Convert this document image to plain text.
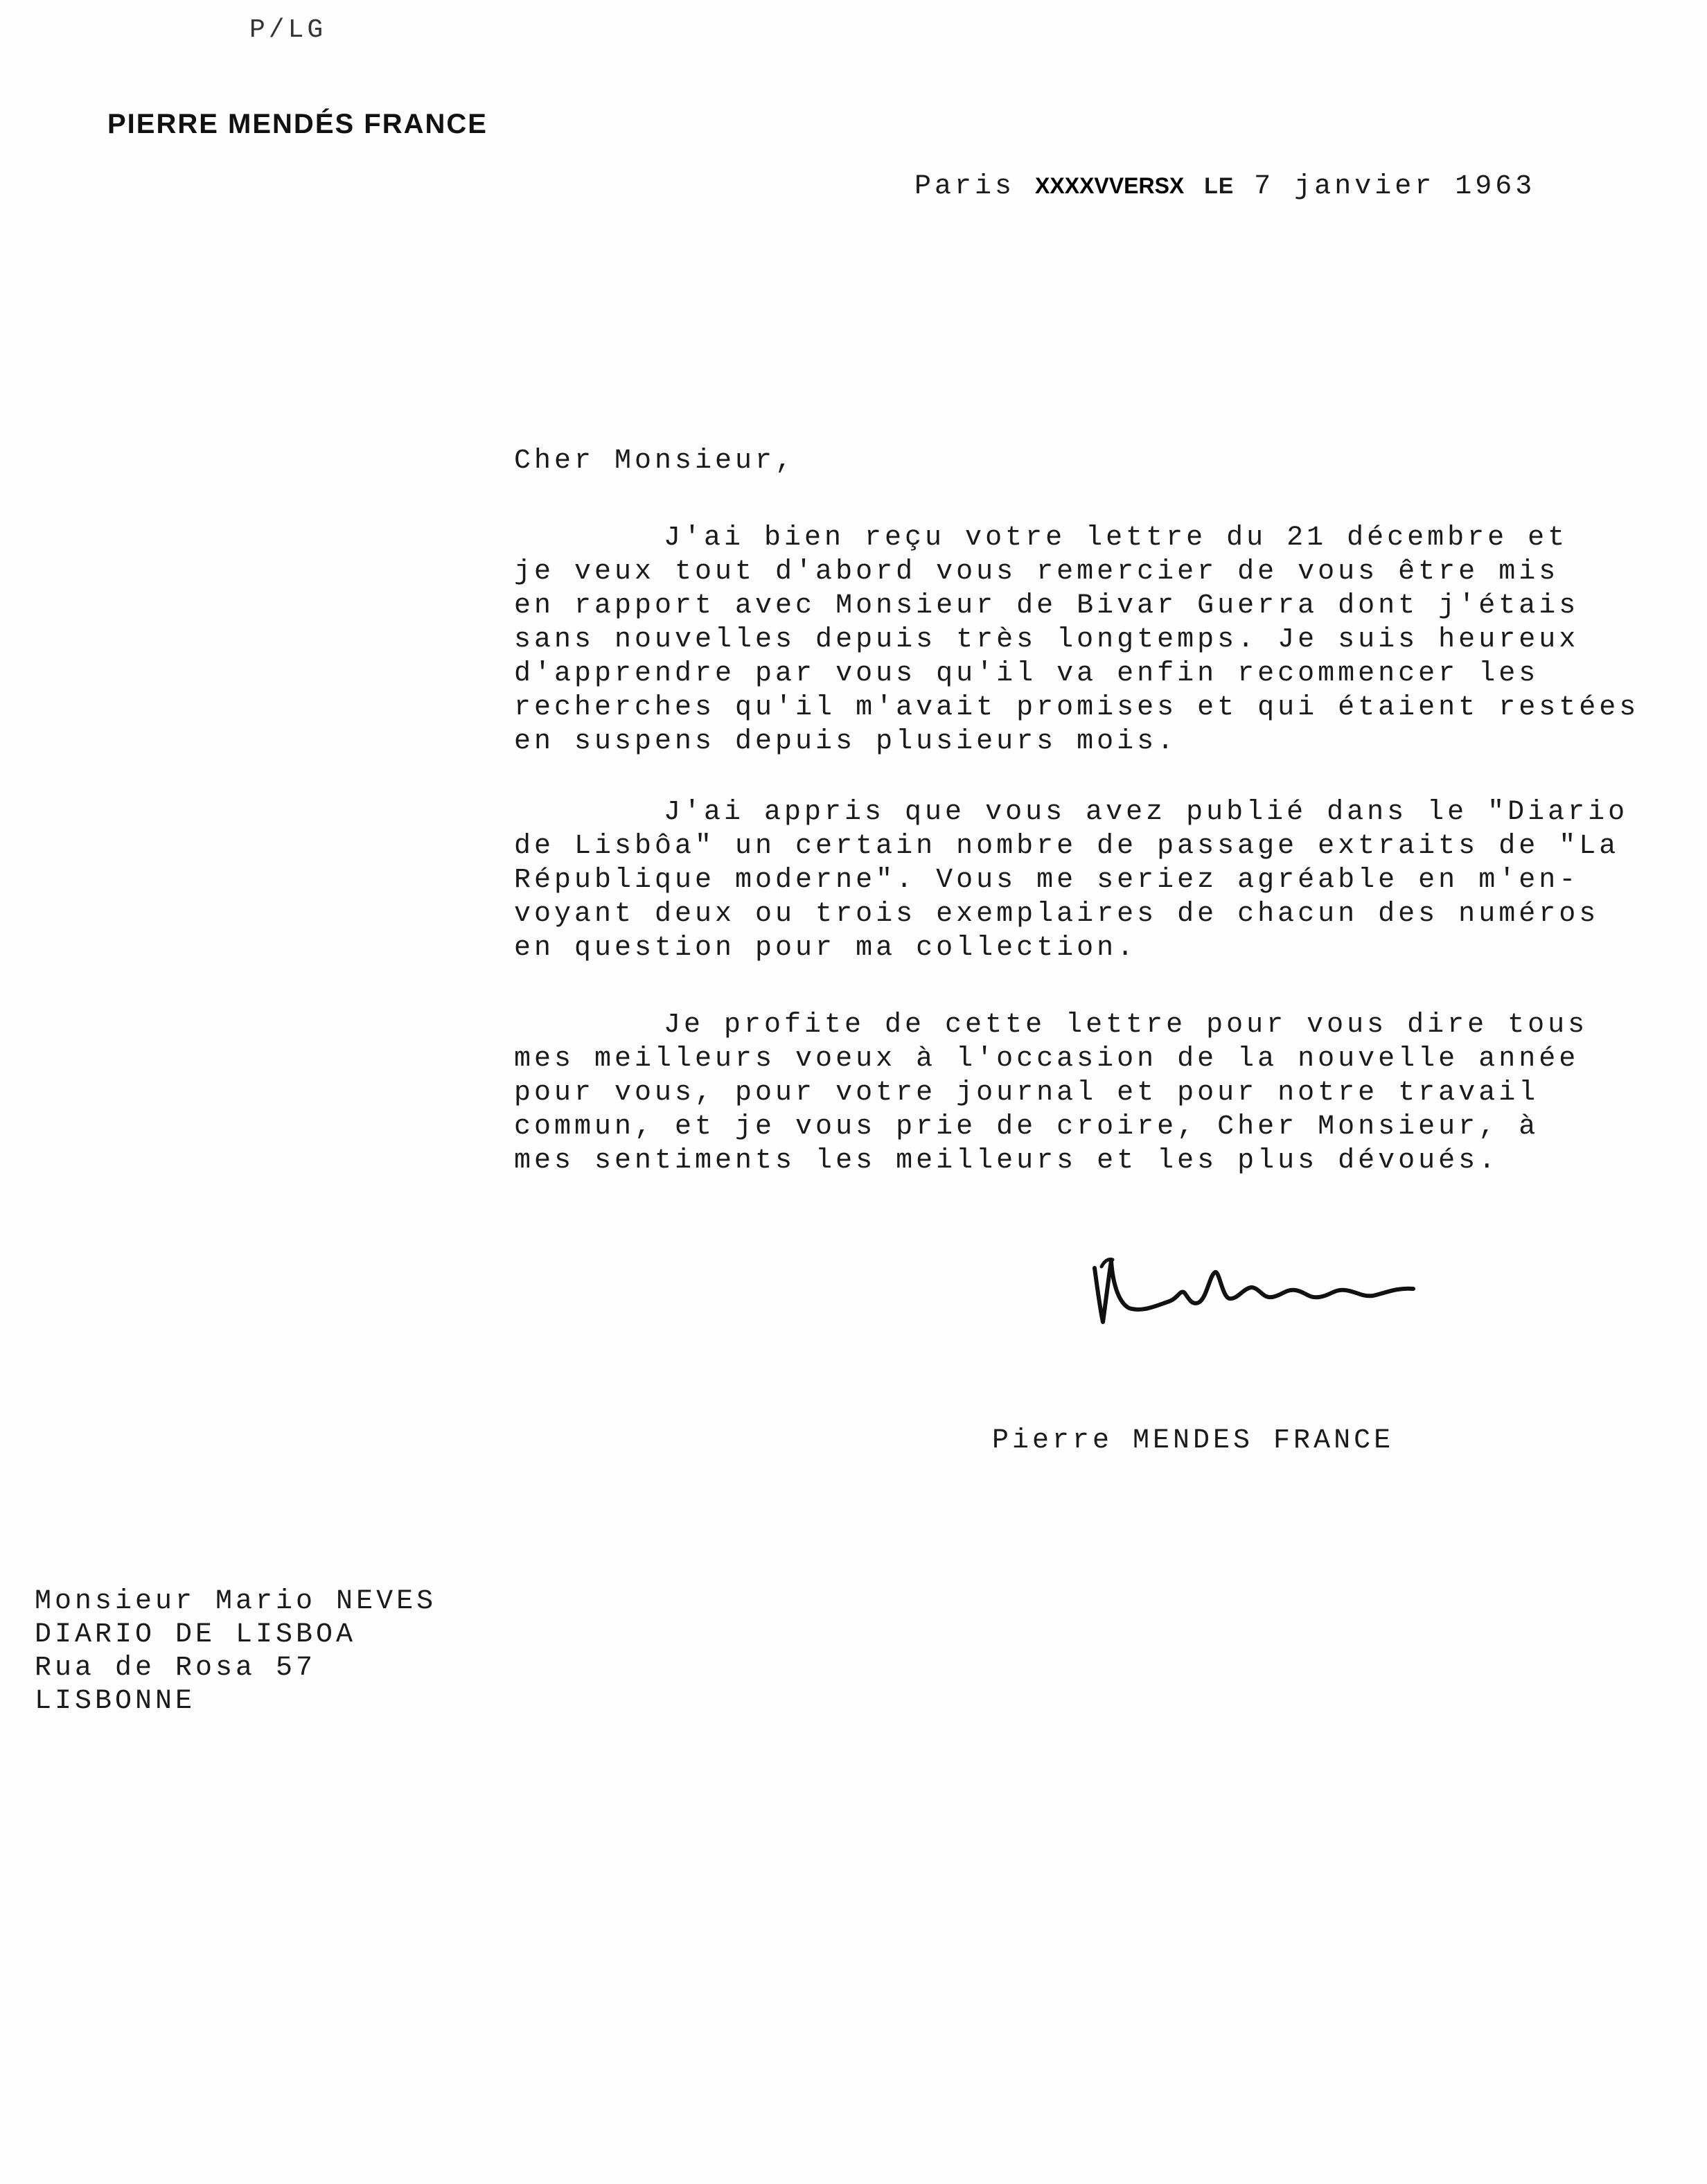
P/LG
PIERRE MENDÉS FRANCE
Paris XXXXVVERSX LE 7 janvier 1963
Cher Monsieur,
J'ai bien reçu votre lettre du 21 décembre et
je veux tout d'abord vous remercier de vous être mis
en rapport avec Monsieur de Bivar Guerra dont j'étais
sans nouvelles depuis très longtemps. Je suis heureux
d'apprendre par vous qu'il va enfin recommencer les
recherches qu'il m'avait promises et qui étaient restées
en suspens depuis plusieurs mois.
J'ai appris que vous avez publié dans le "Diario
de Lisbôa" un certain nombre de passage extraits de "La
République moderne". Vous me seriez agréable en m'en-
voyant deux ou trois exemplaires de chacun des numéros
en question pour ma collection.
Je profite de cette lettre pour vous dire tous
mes meilleurs voeux à l'occasion de la nouvelle année
pour vous, pour votre journal et pour notre travail
commun, et je vous prie de croire, Cher Monsieur, à
mes sentiments les meilleurs et les plus dévoués.
Pierre MENDES FRANCE
Monsieur Mario NEVES
DIARIO DE LISBOA
Rua de Rosa 57
LISBONNE
